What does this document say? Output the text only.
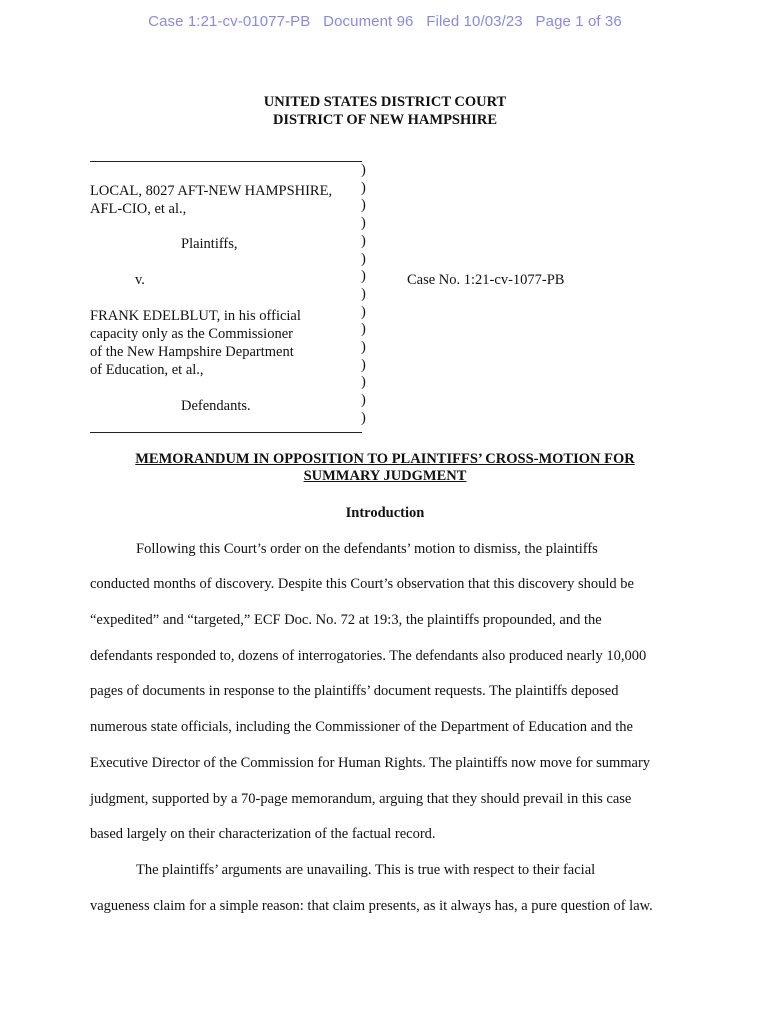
Case 1:21-cv-01077-PB   Document 96   Filed 10/03/23   Page 1 of 36
UNITED STATES DISTRICT COURT
DISTRICT OF NEW HAMPSHIRE
LOCAL, 8027 AFT-NEW HAMPSHIRE,
AFL-CIO, et al.,
Plaintiffs,
v.
FRANK EDELBLUT, in his official
capacity only as the Commissioner
of the New Hampshire Department
of Education, et al.,
Defendants.
)
)
)
)
)
)
)
)
)
)
)
)
)
)
)
Case No. 1:21-cv-1077-PB
MEMORANDUM IN OPPOSITION TO PLAINTIFFS’ CROSS-MOTION FOR
SUMMARY JUDGMENT
Introduction
Following this Court’s order on the defendants’ motion to dismiss, the plaintiffs
conducted months of discovery. Despite this Court’s observation that this discovery should be
“expedited” and “targeted,” ECF Doc. No. 72 at 19:3, the plaintiffs propounded, and the
defendants responded to, dozens of interrogatories. The defendants also produced nearly 10,000
pages of documents in response to the plaintiffs’ document requests. The plaintiffs deposed
numerous state officials, including the Commissioner of the Department of Education and the
Executive Director of the Commission for Human Rights. The plaintiffs now move for summary
judgment, supported by a 70-page memorandum, arguing that they should prevail in this case
based largely on their characterization of the factual record.
The plaintiffs’ arguments are unavailing. This is true with respect to their facial
vagueness claim for a simple reason: that claim presents, as it always has, a pure question of law.
